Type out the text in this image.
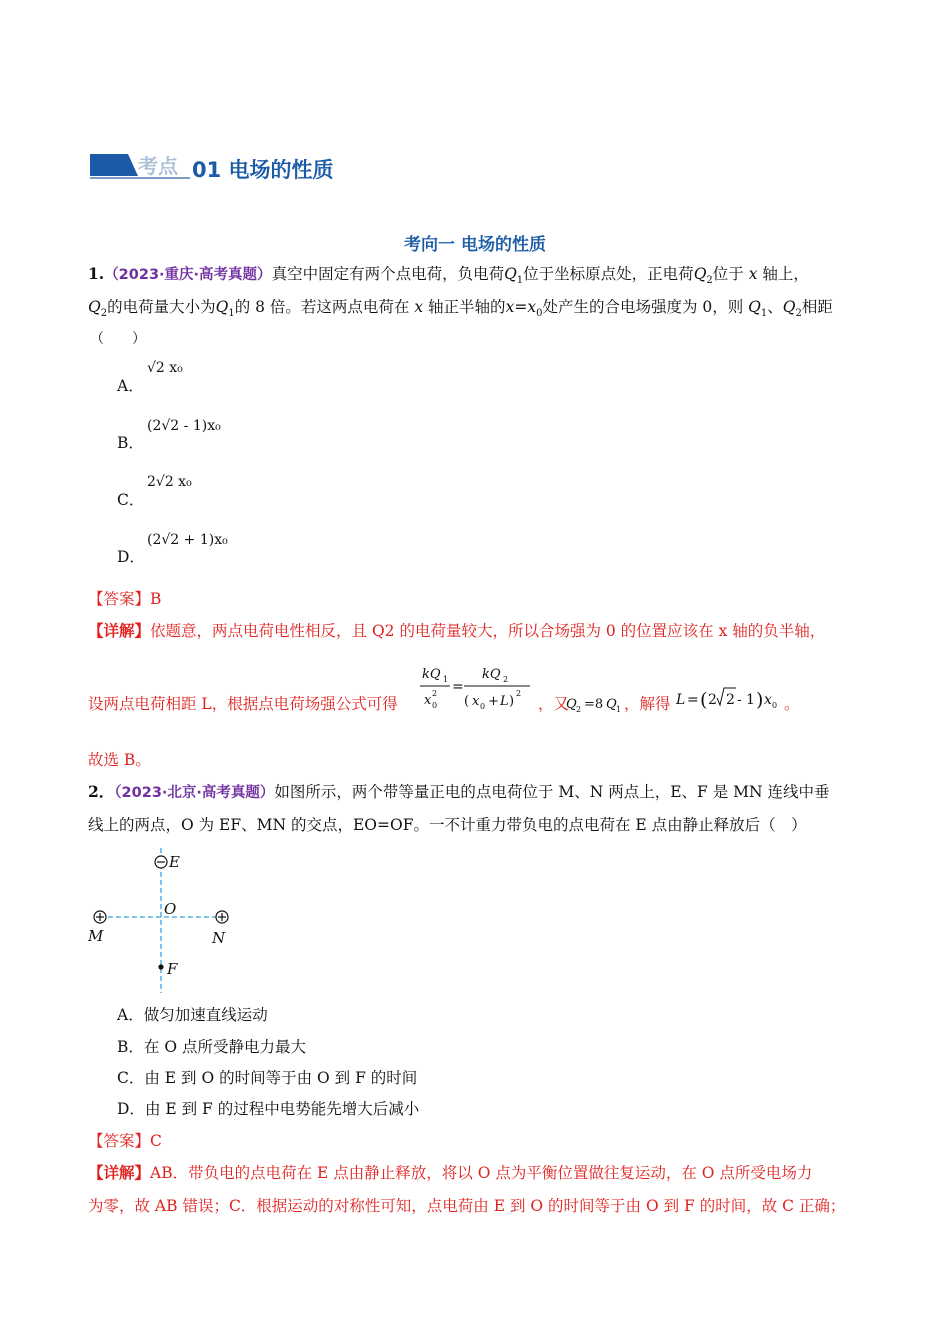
考点 01 电场的性质
考向一 电场的性质
1.（2023·重庆·高考真题）真空中固定有两个点电荷，负电荷$Q_1$位于坐标原点处，正电荷$Q_2$位于 x 轴上，
$Q_2$的电荷量大小为$Q_1$的 8 倍。若这两点电荷在 x 轴正半轴的$x=x_0$处产生的合电场强度为 0，则 $Q_1$、$Q_2$相距
（　　）
A．
√2 x₀
B．
(2√2 - 1)x₀
C．
2√2 x₀
D．
(2√2 + 1)x₀
【答案】B
【详解】依题意，两点电荷电性相反，且 Q2 的电荷量较大，所以合场强为 0 的位置应该在 x 轴的负半轴，
设两点电荷相距 L，根据点电荷场强公式可得
kQ 1
x 0
2 =
kQ 2
( x 0 + L )
2
，又
Q 2 =8 Q 1 ，解得 L = ( 2 2 - 1 ) x 0 。
故选 B。
2．（2023·北京·高考真题）如图所示，两个带等量正电的点电荷位于 M、N 两点上，E、F 是 MN 连线中垂
线上的两点，O 为 EF、MN 的交点，EO=OF。一不计重力带负电的点电荷在 E 点由静止释放后（　）
E
O
M	N
F
A．做匀加速直线运动
B．在 O 点所受静电力最大
C．由 E 到 O 的时间等于由 O 到 F 的时间
D．由 E 到 F 的过程中电势能先增大后减小
【答案】C
【详解】AB．带负电的点电荷在 E 点由静止释放，将以 O 点为平衡位置做往复运动，在 O 点所受电场力
为零，故 AB 错误；C．根据运动的对称性可知，点电荷由 E 到 O 的时间等于由 O 到 F 的时间，故 C 正确；
